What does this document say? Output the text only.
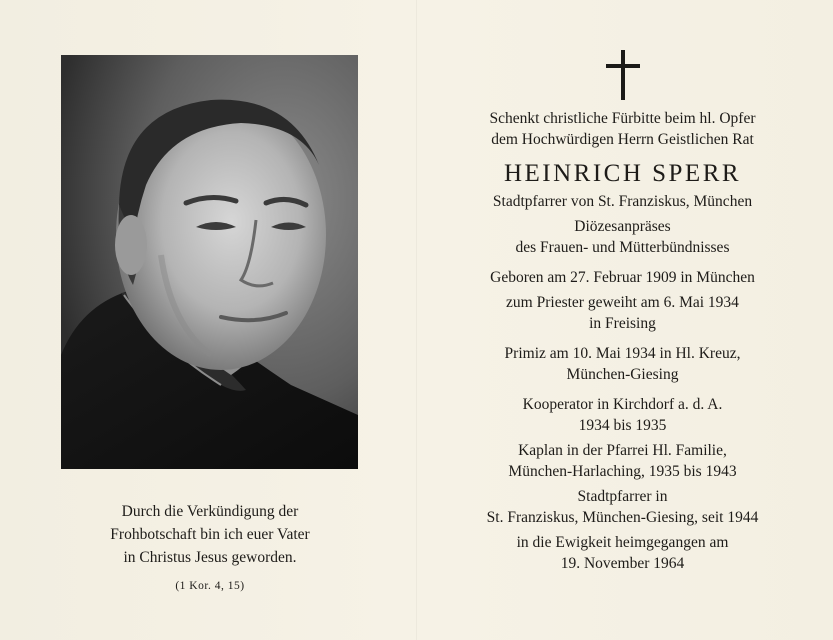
Durch die Verkündigung der
Frohbotschaft bin ich euer Vater
in Christus Jesus geworden.
(1 Kor. 4, 15)
Schenkt christliche Fürbitte beim hl. Opfer
dem Hochwürdigen Herrn Geistlichen Rat
HEINRICH SPERR
Stadtpfarrer von St. Franziskus, München
Diözesanpräses
des Frauen- und Mütterbündnisses
Geboren am 27. Februar 1909 in München
zum Priester geweiht am 6. Mai 1934
in Freising
Primiz am 10. Mai 1934 in Hl. Kreuz,
München-Giesing
Kooperator in Kirchdorf a. d. A.
1934 bis 1935
Kaplan in der Pfarrei Hl. Familie,
München-Harlaching, 1935 bis 1943
Stadtpfarrer in
St. Franziskus, München-Giesing, seit 1944
in die Ewigkeit heimgegangen am
19. November 1964
